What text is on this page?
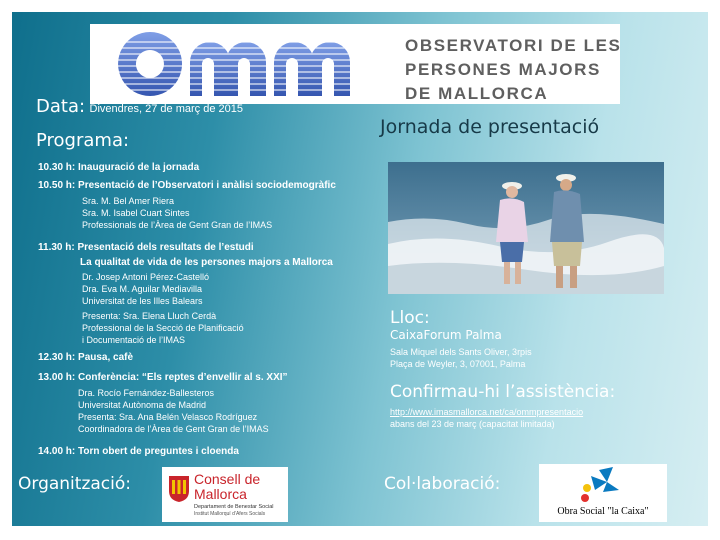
OBSERVATORI DE LES
PERSONES MAJORS
DE MALLORCA
Data: Divendres, 27 de març de 2015
Programa:
Jornada de presentació
10.30 h: Inauguració de la jornada
10.50 h: Presentació de l’Observatori i anàlisi sociodemogràfic
Sra. M. Bel Amer Riera
Sra. M. Isabel Cuart Sintes
Professionals de l’Àrea de Gent Gran de l’IMAS
11.30 h: Presentació dels resultats de l’estudi
La qualitat de vida de les persones majors a Mallorca
Dr. Josep Antoni Pérez-Castelló
Dra. Eva M. Aguilar Mediavilla
Universitat de les Illes Balears
Presenta: Sra. Elena Lluch Cerdà
Professional de la Secció de Planificació
i Documentació de l’IMAS
12.30 h: Pausa, cafè
13.00 h: Conferència: “Els reptes d’envellir al s. XXI”
Dra. Rocío Fernández-Ballesteros
Universitat Autònoma de Madrid
Presenta: Sra. Ana Belén Velasco Rodríguez
Coordinadora de l’Àrea de Gent Gran de l’IMAS
14.00 h: Torn obert de preguntes i cloenda
Lloc:
CaixaForum Palma
Sala Miquel dels Sants Oliver, 3rpis
Plaça de Weyler, 3, 07001, Palma
Confirmau-hi l’assistència:
http://www.imasmallorca.net/ca/ommpresentacio
abans del 23 de març (capacitat limitada)
Organització:	Consell de
Mallorca
Departament de Benestar Social
Institut Mallorquí d’Afers Socials
Col·laboració:
Obra Social "la Caixa"
